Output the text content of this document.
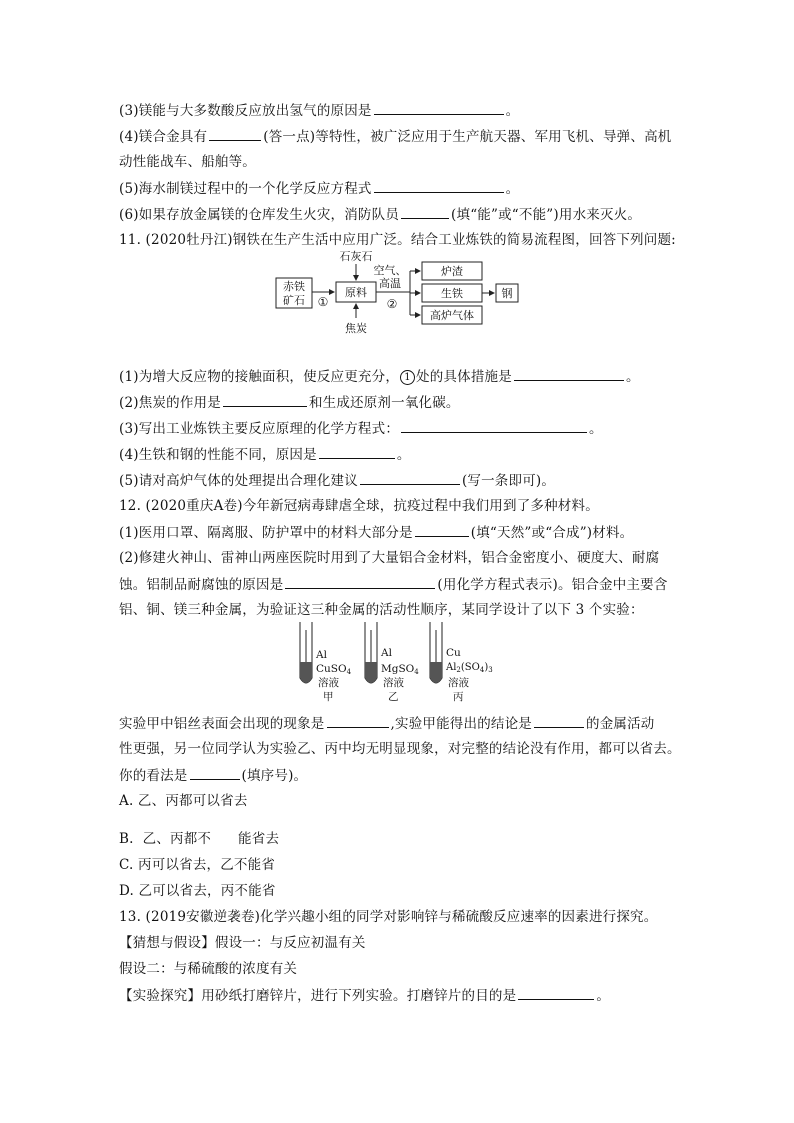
(3)镁能与大多数酸反应放出氢气的原因是	。
(4)镁合金具有	(答一点)等特性，被广泛应用于生产航天器、军用飞机、导弹、高机
动性能战车、船舶等。
(5)海水制镁过程中的一个化学反应方程式	。
(6)如果存放金属镁的仓库发生火灾，消防队员	(填“能”或“不能”)用水来灭火。
11. (2020牡丹江)钢铁在生产生活中应用广泛。结合工业炼铁的简易流程图，回答下列问题:
赤铁
矿石 ①
石灰石
原料
焦炭
空气、
高温
②
炉渣
生铁
高炉气体
钢
(1)为增大反应物的接触面积，使反应更充分， 1 处的具体措施是	。
(2)焦炭的作用是	和生成还原剂一氧化碳。
(3)写出工业炼铁主要反应原理的化学方程式：	。
(4)生铁和钢的性能不同，原因是	。
(5)请对高炉气体的处理提出合理化建议	(写一条即可)。
12. (2020重庆A卷)今年新冠病毒肆虐全球，抗疫过程中我们用到了多种材料。
(1)医用口罩、隔离服、防护罩中的材料大部分是	(填“天然”或“合成”)材料。
(2)修建火神山、雷神山两座医院时用到了大量铝合金材料，铝合金密度小、硬度大、耐腐
蚀。铝制品耐腐蚀的原因是	(用化学方程式表示)。铝合金中主要含
铝、铜、镁三种金属，为验证这三种金属的活动性顺序，某同学设计了以下 3 个实验：
Al
CuSO4
溶液
甲
Al
MgSO4
溶液
乙
Cu
$Al_2(SO_4)_3$
溶液
丙
实验甲中铝丝表面会出现的现象是	,实验甲能得出的结论是	的金属活动
性更强，另一位同学认为实验乙、丙中均无明显现象，对完整的结论没有作用，都可以省去。
你的看法是	(填序号)。
A. 乙、丙都可以省去
B.  乙、丙都不      能省去
C. 丙可以省去，乙不能省
D. 乙可以省去，丙不能省
13. (2019安徽逆袭卷)化学兴趣小组的同学对影响锌与稀硫酸反应速率的因素进行探究。
【猜想与假设】假设一：与反应初温有关
假设二：与稀硫酸的浓度有关
【实验探究】用砂纸打磨锌片，进行下列实验。打磨锌片的目的是	。
